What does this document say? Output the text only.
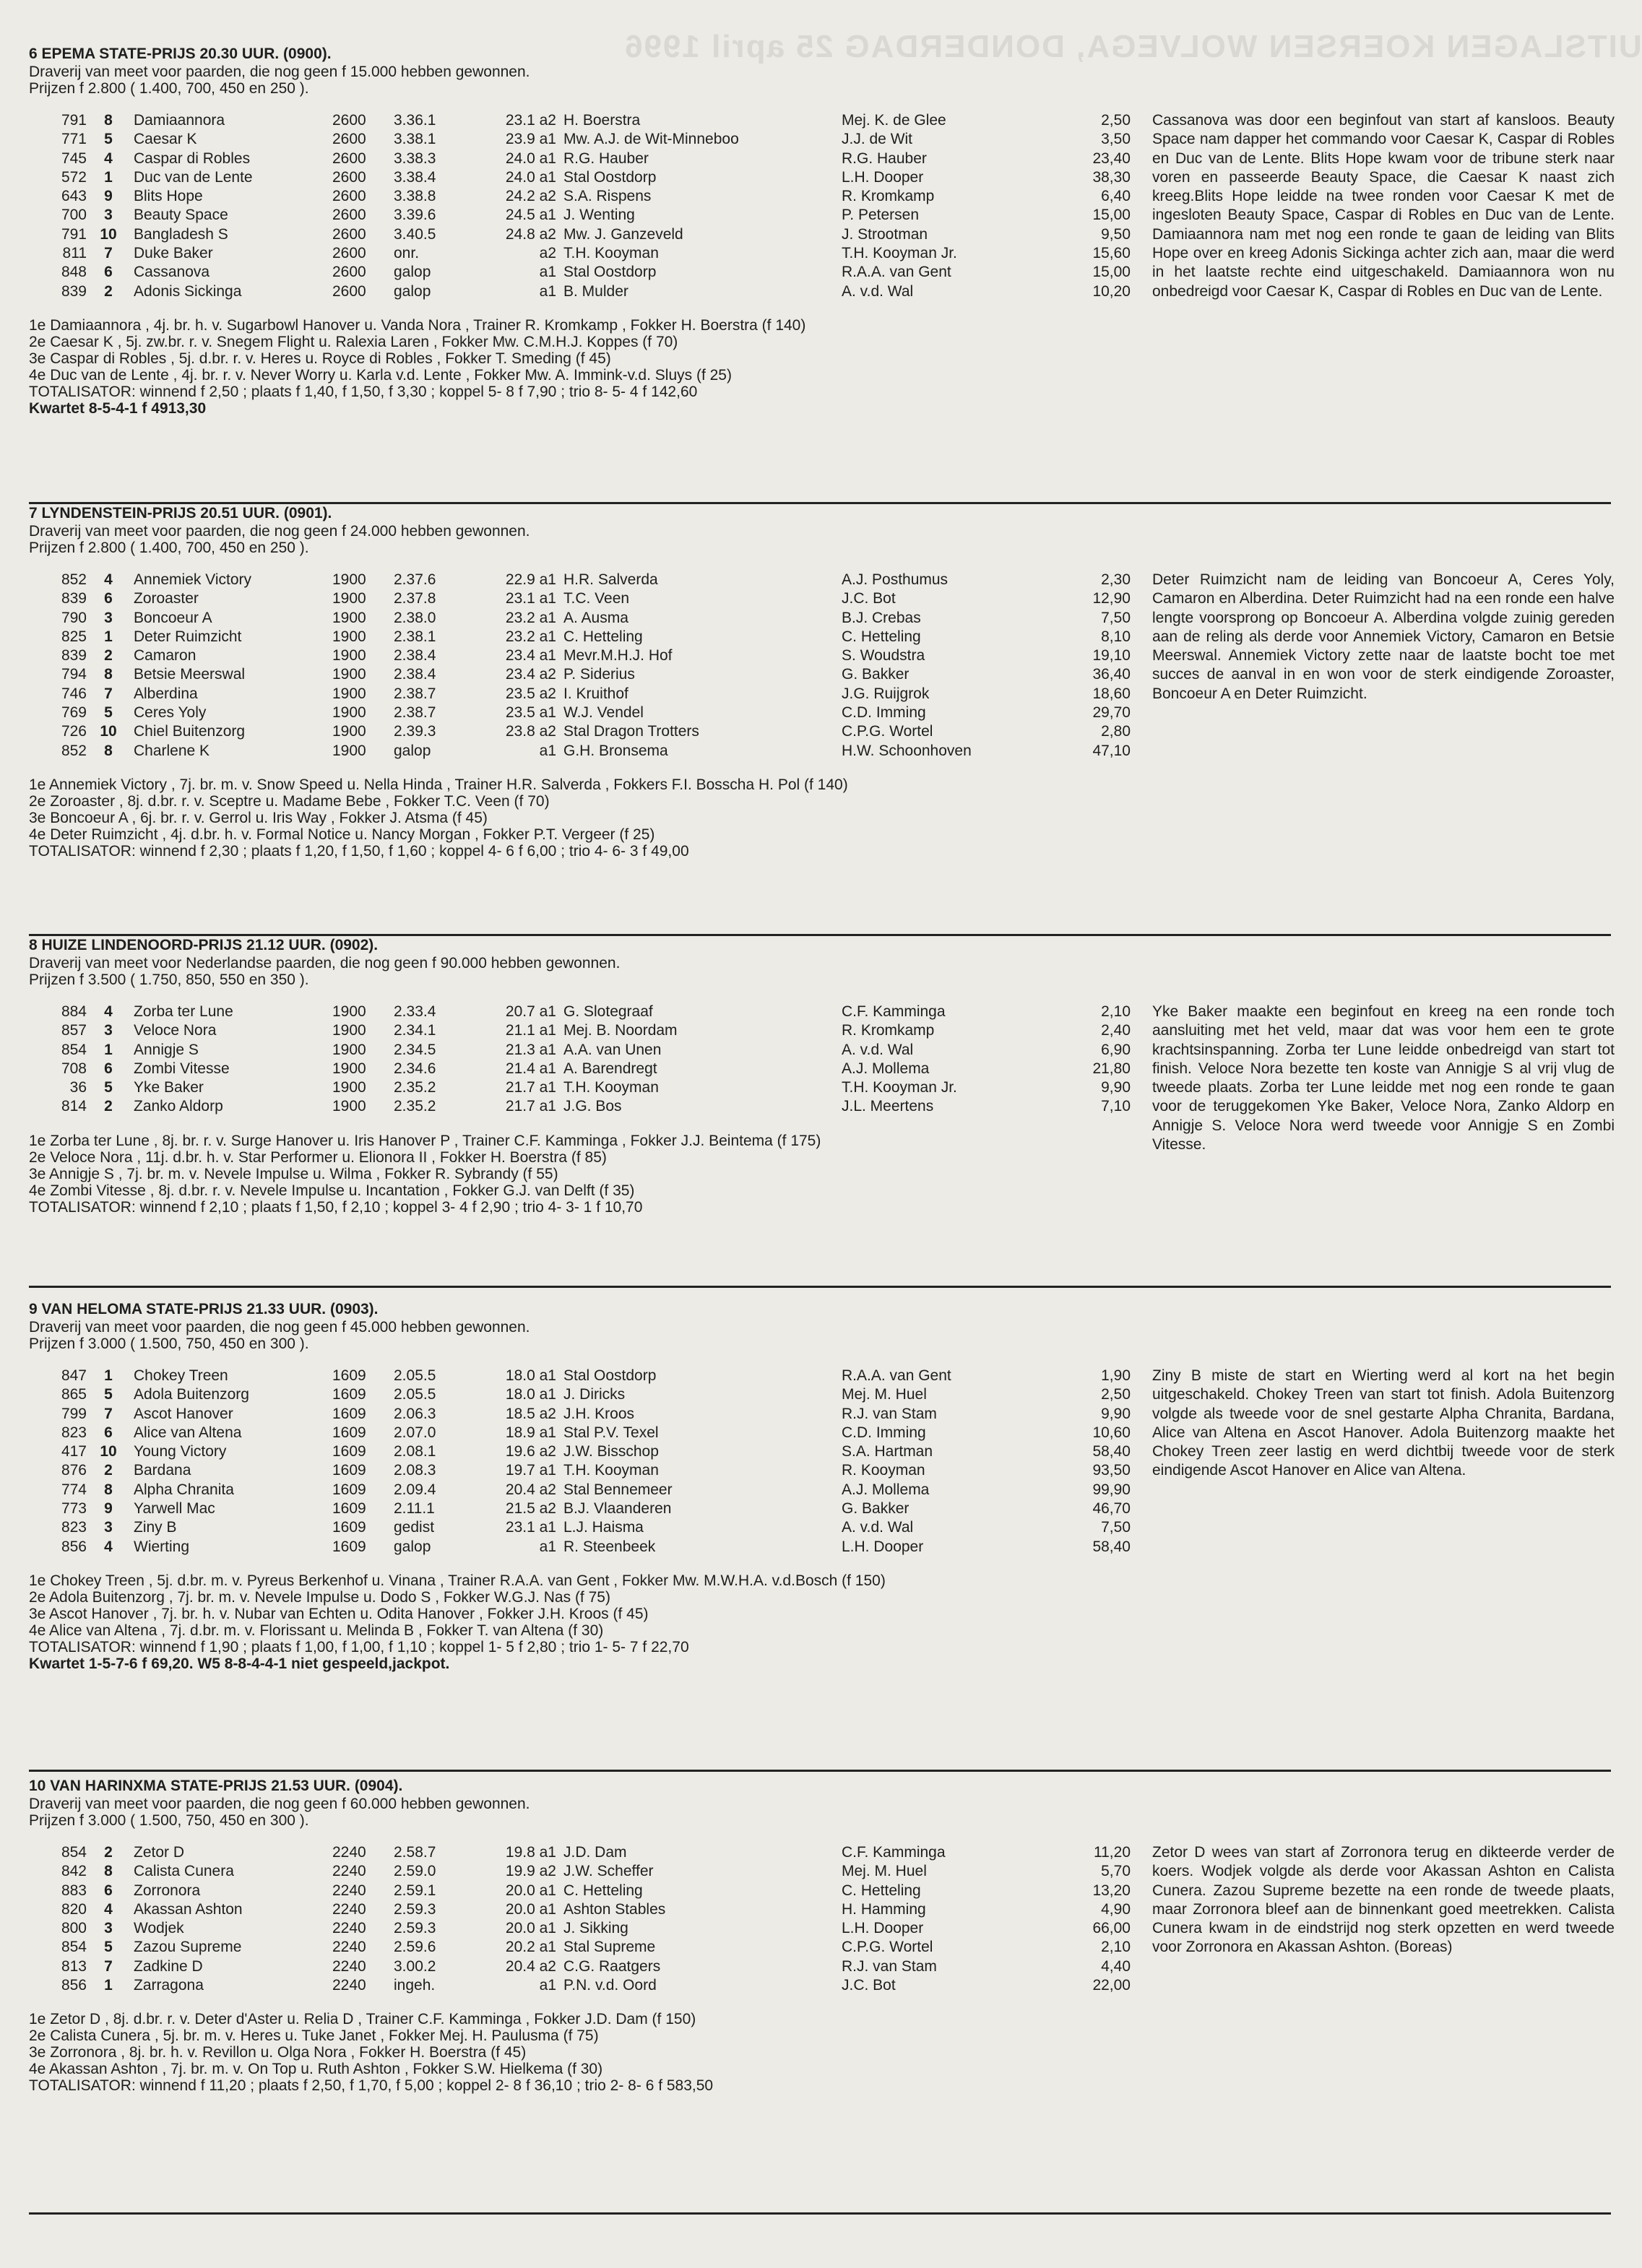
UITSLAGEN KOERSEN WOLVEGA, DONDERDAG 25 april 1996
6 EPEMA STATE-PRIJS 20.30 UUR. (0900).
Draverij van meet voor paarden, die nog geen f 15.000 hebben gewonnen.
Prijzen f 2.800 ( 1.400, 700, 450 en 250 ).
791	8	Damiaannora	2600 3.36.1	23.1 a2 H. Boerstra	Mej. K. de Glee	2,50
771	5	Caesar K	2600 3.38.1	23.9 a1 Mw. A.J. de Wit-Minneboo	J.J. de Wit	3,50
745	4	Caspar di Robles	2600 3.38.3	24.0 a1 R.G. Hauber	R.G. Hauber	23,40
572	1	Duc van de Lente	2600 3.38.4	24.0 a1 Stal Oostdorp	L.H. Dooper	38,30
643	9	Blits Hope	2600 3.38.8	24.2 a2 S.A. Rispens	R. Kromkamp	6,40
700	3	Beauty Space	2600 3.39.6	24.5 a1 J. Wenting	P. Petersen	15,00
791 10	Bangladesh S	2600 3.40.5	24.8 a2 Mw. J. Ganzeveld	J. Strootman	9,50
811	7	Duke Baker	2600 onr.	a2 T.H. Kooyman	T.H. Kooyman Jr.	15,60
848	6	Cassanova	2600 galop	a1 Stal Oostdorp	R.A.A. van Gent	15,00
839	2	Adonis Sickinga	2600 galop	a1 B. Mulder	A. v.d. Wal	10,20
Cassanova was door een beginfout van start af kansloos. Beauty Space nam dapper het commando voor Caesar K, Caspar di Robles en Duc van de Lente. Blits Hope kwam voor de tribune sterk naar voren en passeerde Beauty Space, die Caesar K naast zich kreeg.Blits Hope leidde na twee ronden voor Caesar K met de ingesloten Beauty Space, Caspar di Robles en Duc van de Lente. Damiaannora nam met nog een ronde te gaan de leiding van Blits Hope over en kreeg Adonis Sickinga achter zich aan, maar die werd in het laatste rechte eind uitgeschakeld. Damiaannora won nu onbedreigd voor Caesar K, Caspar di Robles en Duc van de Lente.
1e Damiaannora , 4j. br. h. v. Sugarbowl Hanover u. Vanda Nora , Trainer R. Kromkamp , Fokker H. Boerstra (f 140)
2e Caesar K , 5j. zw.br. r. v. Snegem Flight u. Ralexia Laren , Fokker Mw. C.M.H.J. Koppes (f 70)
3e Caspar di Robles , 5j. d.br. r. v. Heres u. Royce di Robles , Fokker T. Smeding (f 45)
4e Duc van de Lente , 4j. br. r. v. Never Worry u. Karla v.d. Lente , Fokker Mw. A. Immink-v.d. Sluys (f 25)
TOTALISATOR: winnend f 2,50 ; plaats f 1,40, f 1,50, f 3,30 ; koppel 5- 8 f 7,90 ; trio 8- 5- 4 f 142,60
Kwartet 8-5-4-1 f 4913,30
7 LYNDENSTEIN-PRIJS 20.51 UUR. (0901).
Draverij van meet voor paarden, die nog geen f 24.000 hebben gewonnen.
Prijzen f 2.800 ( 1.400, 700, 450 en 250 ).
852	4	Annemiek Victory	1900 2.37.6	22.9 a1 H.R. Salverda	A.J. Posthumus	2,30
839	6	Zoroaster	1900 2.37.8	23.1 a1 T.C. Veen	J.C. Bot	12,90
790	3	Boncoeur A	1900 2.38.0	23.2 a1 A. Ausma	B.J. Crebas	7,50
825	1	Deter Ruimzicht	1900 2.38.1	23.2 a1 C. Hetteling	C. Hetteling	8,10
839	2	Camaron	1900 2.38.4	23.4 a1 Mevr.M.H.J. Hof	S. Woudstra	19,10
794	8	Betsie Meerswal	1900 2.38.4	23.4 a2 P. Siderius	G. Bakker	36,40
746	7	Alberdina	1900 2.38.7	23.5 a2 I. Kruithof	J.G. Ruijgrok	18,60
769	5	Ceres Yoly	1900 2.38.7	23.5 a1 W.J. Vendel	C.D. Imming	29,70
726 10	Chiel Buitenzorg	1900 2.39.3	23.8 a2 Stal Dragon Trotters	C.P.G. Wortel	2,80
852	8	Charlene K	1900 galop	a1 G.H. Bronsema	H.W. Schoonhoven	47,10
Deter Ruimzicht nam de leiding van Boncoeur A, Ceres Yoly, Camaron en Alberdina. Deter Ruimzicht had na een ronde een halve lengte voorsprong op Boncoeur A. Alberdina volgde zuinig gereden aan de reling als derde voor Annemiek Victory, Camaron en Betsie Meerswal. Annemiek Victory zette naar de laatste bocht toe met succes de aanval in en won voor de sterk eindigende Zoroaster, Boncoeur A en Deter Ruimzicht.
1e Annemiek Victory , 7j. br. m. v. Snow Speed u. Nella Hinda , Trainer H.R. Salverda , Fokkers F.I. Bosscha H. Pol (f 140)
2e Zoroaster , 8j. d.br. r. v. Sceptre u. Madame Bebe , Fokker T.C. Veen (f 70)
3e Boncoeur A , 6j. br. r. v. Gerrol u. Iris Way , Fokker J. Atsma (f 45)
4e Deter Ruimzicht , 4j. d.br. h. v. Formal Notice u. Nancy Morgan , Fokker P.T. Vergeer (f 25)
TOTALISATOR: winnend f 2,30 ; plaats f 1,20, f 1,50, f 1,60 ; koppel 4- 6 f 6,00 ; trio 4- 6- 3 f 49,00
8 HUIZE LINDENOORD-PRIJS 21.12 UUR. (0902).
Draverij van meet voor Nederlandse paarden, die nog geen f 90.000 hebben gewonnen.
Prijzen f 3.500 ( 1.750, 850, 550 en 350 ).
884	4	Zorba ter Lune	1900 2.33.4	20.7 a1 G. Slotegraaf	C.F. Kamminga	2,10
857	3	Veloce Nora	1900 2.34.1	21.1 a1 Mej. B. Noordam	R. Kromkamp	2,40
854	1	Annigje S	1900 2.34.5	21.3 a1 A.A. van Unen	A. v.d. Wal	6,90
708	6	Zombi Vitesse	1900 2.34.6	21.4 a1 A. Barendregt	A.J. Mollema	21,80
36	5	Yke Baker	1900 2.35.2	21.7 a1 T.H. Kooyman	T.H. Kooyman Jr.	9,90
814	2	Zanko Aldorp	1900 2.35.2	21.7 a1 J.G. Bos	J.L. Meertens	7,10
Yke Baker maakte een beginfout en kreeg na een ronde toch aansluiting met het veld, maar dat was voor hem een te grote krachtsinspanning. Zorba ter Lune leidde onbedreigd van start tot finish. Veloce Nora bezette ten koste van Annigje S al vrij vlug de tweede plaats. Zorba ter Lune leidde met nog een ronde te gaan voor de teruggekomen Yke Baker, Veloce Nora, Zanko Aldorp en Annigje S. Veloce Nora werd tweede voor Annigje S en Zombi Vitesse.
1e Zorba ter Lune , 8j. br. r. v. Surge Hanover u. Iris Hanover P , Trainer C.F. Kamminga , Fokker J.J. Beintema (f 175)
2e Veloce Nora , 11j. d.br. h. v. Star Performer u. Elionora II , Fokker H. Boerstra (f 85)
3e Annigje S , 7j. br. m. v. Nevele Impulse u. Wilma , Fokker R. Sybrandy (f 55)
4e Zombi Vitesse , 8j. d.br. r. v. Nevele Impulse u. Incantation , Fokker G.J. van Delft (f 35)
TOTALISATOR: winnend f 2,10 ; plaats f 1,50, f 2,10 ; koppel 3- 4 f 2,90 ; trio 4- 3- 1 f 10,70
9 VAN HELOMA STATE-PRIJS 21.33 UUR. (0903).
Draverij van meet voor paarden, die nog geen f 45.000 hebben gewonnen.
Prijzen f 3.000 ( 1.500, 750, 450 en 300 ).
847	1	Chokey Treen	1609 2.05.5	18.0 a1 Stal Oostdorp	R.A.A. van Gent	1,90
865	5	Adola Buitenzorg	1609 2.05.5	18.0 a1 J. Diricks	Mej. M. Huel	2,50
799	7	Ascot Hanover	1609 2.06.3	18.5 a2 J.H. Kroos	R.J. van Stam	9,90
823	6	Alice van Altena	1609 2.07.0	18.9 a1 Stal P.V. Texel	C.D. Imming	10,60
417 10	Young Victory	1609 2.08.1	19.6 a2 J.W. Bisschop	S.A. Hartman	58,40
876	2	Bardana	1609 2.08.3	19.7 a1 T.H. Kooyman	R. Kooyman	93,50
774	8	Alpha Chranita	1609 2.09.4	20.4 a2 Stal Bennemeer	A.J. Mollema	99,90
773	9	Yarwell Mac	1609 2.11.1	21.5 a2 B.J. Vlaanderen	G. Bakker	46,70
823	3	Ziny B	1609 gedist	23.1 a1 L.J. Haisma	A. v.d. Wal	7,50
856	4	Wierting	1609 galop	a1 R. Steenbeek	L.H. Dooper	58,40
Ziny B miste de start en Wierting werd al kort na het begin uitgeschakeld. Chokey Treen van start tot finish. Adola Buitenzorg volgde als tweede voor de snel gestarte Alpha Chranita, Bardana, Alice van Altena en Ascot Hanover. Adola Buitenzorg maakte het Chokey Treen zeer lastig en werd dichtbij tweede voor de sterk eindigende Ascot Hanover en Alice van Altena.
1e Chokey Treen , 5j. d.br. m. v. Pyreus Berkenhof u. Vinana , Trainer R.A.A. van Gent , Fokker Mw. M.W.H.A. v.d.Bosch (f 150)
2e Adola Buitenzorg , 7j. br. m. v. Nevele Impulse u. Dodo S , Fokker W.G.J. Nas (f 75)
3e Ascot Hanover , 7j. br. h. v. Nubar van Echten u. Odita Hanover , Fokker J.H. Kroos (f 45)
4e Alice van Altena , 7j. d.br. m. v. Florissant u. Melinda B , Fokker T. van Altena (f 30)
TOTALISATOR: winnend f 1,90 ; plaats f 1,00, f 1,00, f 1,10 ; koppel 1- 5 f 2,80 ; trio 1- 5- 7 f 22,70
Kwartet 1-5-7-6 f 69,20. W5 8-8-4-4-1 niet gespeeld,jackpot.
10 VAN HARINXMA STATE-PRIJS 21.53 UUR. (0904).
Draverij van meet voor paarden, die nog geen f 60.000 hebben gewonnen.
Prijzen f 3.000 ( 1.500, 750, 450 en 300 ).
854	2	Zetor D	2240 2.58.7	19.8 a1 J.D. Dam	C.F. Kamminga	11,20
842	8	Calista Cunera	2240 2.59.0	19.9 a2 J.W. Scheffer	Mej. M. Huel	5,70
883	6	Zorronora	2240 2.59.1	20.0 a1 C. Hetteling	C. Hetteling	13,20
820	4	Akassan Ashton	2240 2.59.3	20.0 a1 Ashton Stables	H. Hamming	4,90
800	3	Wodjek	2240 2.59.3	20.0 a1 J. Sikking	L.H. Dooper	66,00
854	5	Zazou Supreme	2240 2.59.6	20.2 a1 Stal Supreme	C.P.G. Wortel	2,10
813	7	Zadkine D	2240 3.00.2	20.4 a2 C.G. Raatgers	R.J. van Stam	4,40
856	1	Zarragona	2240 ingeh.	a1 P.N. v.d. Oord	J.C. Bot	22,00
Zetor D wees van start af Zorronora terug en dikteerde verder de koers. Wodjek volgde als derde voor Akassan Ashton en Calista Cunera. Zazou Supreme bezette na een ronde de tweede plaats, maar Zorronora bleef aan de binnenkant goed meetrekken. Calista Cunera kwam in de eindstrijd nog sterk opzetten en werd tweede voor Zorronora en Akassan Ashton. (Boreas)
1e Zetor D , 8j. d.br. r. v. Deter d'Aster u. Relia D , Trainer C.F. Kamminga , Fokker J.D. Dam (f 150)
2e Calista Cunera , 5j. br. m. v. Heres u. Tuke Janet , Fokker Mej. H. Paulusma (f 75)
3e Zorronora , 8j. br. h. v. Revillon u. Olga Nora , Fokker H. Boerstra (f 45)
4e Akassan Ashton , 7j. br. m. v. On Top u. Ruth Ashton , Fokker S.W. Hielkema (f 30)
TOTALISATOR: winnend f 11,20 ; plaats f 2,50, f 1,70, f 5,00 ; koppel 2- 8 f 36,10 ; trio 2- 8- 6 f 583,50
